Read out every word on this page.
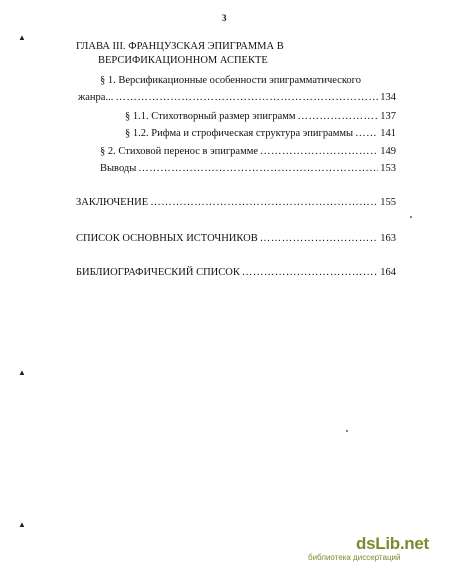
3
▲
▲
▲
ГЛАВА III. ФРАНЦУЗСКАЯ ЭПИГРАММА В
ВЕРСИФИКАЦИОННОМ АСПЕКТЕ
§ 1. Версификационные особенности эпиграмматического
жанра... ……………………………………………………………………………………………………………………………………	134
§ 1.1. Стихотворный размер эпиграмм ……………………………………………………………………………………………………………………………………	137
§ 1.2. Рифма и строфическая структура эпиграммы ……………………………………………………………………………………………………………………………………	141
§ 2. Стиховой перенос в эпиграмме ……………………………………………………………………………………………………………………………………	149
Выводы ……………………………………………………………………………………………………………………………………	153
ЗАКЛЮЧЕНИЕ ……………………………………………………………………………………………………………………………………	155
СПИСОК ОСНОВНЫХ ИСТОЧНИКОВ ……………………………………………………………………………………………………………………………………	163
БИБЛИОГРАФИЧЕСКИЙ СПИСОК ……………………………………………………………………………………………………………………………………	164
dsLib.net
библиотека диссертаций
